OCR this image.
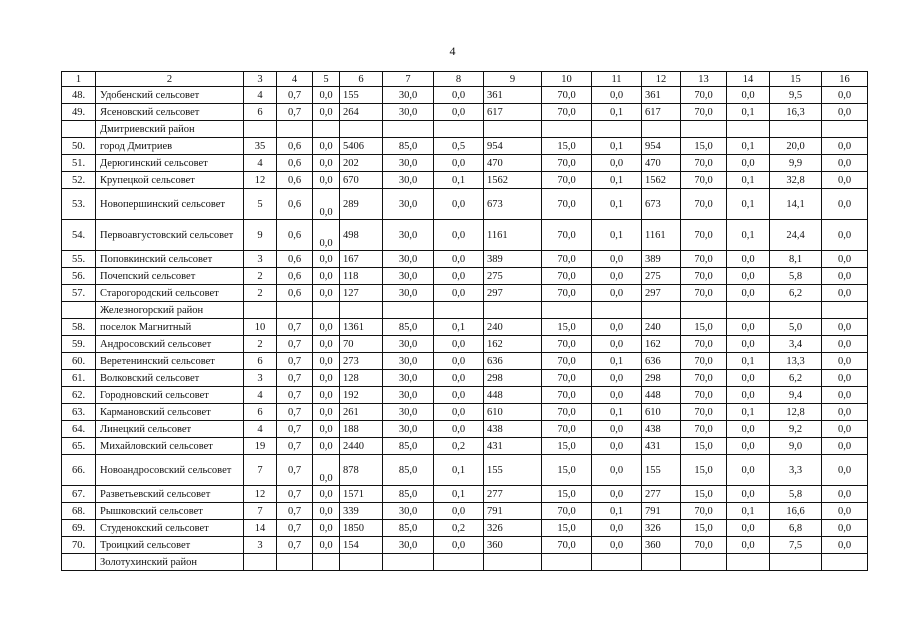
4
1	2	3	4	5	6	7	8	9	10	11	12	13	14	15	16
48.	Удобенский сельсовет	4	0,7	0,0	155	30,0	0,0	361	70,0	0,0	361	70,0	0,0	9,5	0,0
49.	Ясеновский сельсовет	6	0,7	0,0	264	30,0	0,0	617	70,0	0,1	617	70,0	0,1	16,3	0,0
	Дмитриевский район														
50.	город Дмитриев	35	0,6	0,0	5406	85,0	0,5	954	15,0	0,1	954	15,0	0,1	20,0	0,0
51.	Дерюгинский сельсовет	4	0,6	0,0	202	30,0	0,0	470	70,0	0,0	470	70,0	0,0	9,9	0,0
52.	Крупецкой сельсовет	12	0,6	0,0	670	30,0	0,1	1562	70,0	0,1	1562	70,0	0,1	32,8	0,0
53.	Новопершинский сельсовет	5	0,6	0,0	289	30,0	0,0	673	70,0	0,1	673	70,0	0,1	14,1	0,0
54.	Первоавгустовский сельсовет	9	0,6	0,0	498	30,0	0,0	1161	70,0	0,1	1161	70,0	0,1	24,4	0,0
55.	Поповкинский сельсовет	3	0,6	0,0	167	30,0	0,0	389	70,0	0,0	389	70,0	0,0	8,1	0,0
56.	Почепский сельсовет	2	0,6	0,0	118	30,0	0,0	275	70,0	0,0	275	70,0	0,0	5,8	0,0
57.	Старогородский сельсовет	2	0,6	0,0	127	30,0	0,0	297	70,0	0,0	297	70,0	0,0	6,2	0,0
	Железногорский район														
58.	поселок Магнитный	10	0,7	0,0	1361	85,0	0,1	240	15,0	0,0	240	15,0	0,0	5,0	0,0
59.	Андросовский сельсовет	2	0,7	0,0	70	30,0	0,0	162	70,0	0,0	162	70,0	0,0	3,4	0,0
60.	Веретенинский сельсовет	6	0,7	0,0	273	30,0	0,0	636	70,0	0,1	636	70,0	0,1	13,3	0,0
61.	Волковский сельсовет	3	0,7	0,0	128	30,0	0,0	298	70,0	0,0	298	70,0	0,0	6,2	0,0
62.	Городновский сельсовет	4	0,7	0,0	192	30,0	0,0	448	70,0	0,0	448	70,0	0,0	9,4	0,0
63.	Кармановский сельсовет	6	0,7	0,0	261	30,0	0,0	610	70,0	0,1	610	70,0	0,1	12,8	0,0
64.	Линецкий сельсовет	4	0,7	0,0	188	30,0	0,0	438	70,0	0,0	438	70,0	0,0	9,2	0,0
65.	Михайловский сельсовет	19	0,7	0,0	2440	85,0	0,2	431	15,0	0,0	431	15,0	0,0	9,0	0,0
66.	Новоандросовский сельсовет	7	0,7	0,0	878	85,0	0,1	155	15,0	0,0	155	15,0	0,0	3,3	0,0
67.	Разветьевский сельсовет	12	0,7	0,0	1571	85,0	0,1	277	15,0	0,0	277	15,0	0,0	5,8	0,0
68.	Рышковский сельсовет	7	0,7	0,0	339	30,0	0,0	791	70,0	0,1	791	70,0	0,1	16,6	0,0
69.	Студенокский сельсовет	14	0,7	0,0	1850	85,0	0,2	326	15,0	0,0	326	15,0	0,0	6,8	0,0
70.	Троицкий сельсовет	3	0,7	0,0	154	30,0	0,0	360	70,0	0,0	360	70,0	0,0	7,5	0,0
	Золотухинский район														
